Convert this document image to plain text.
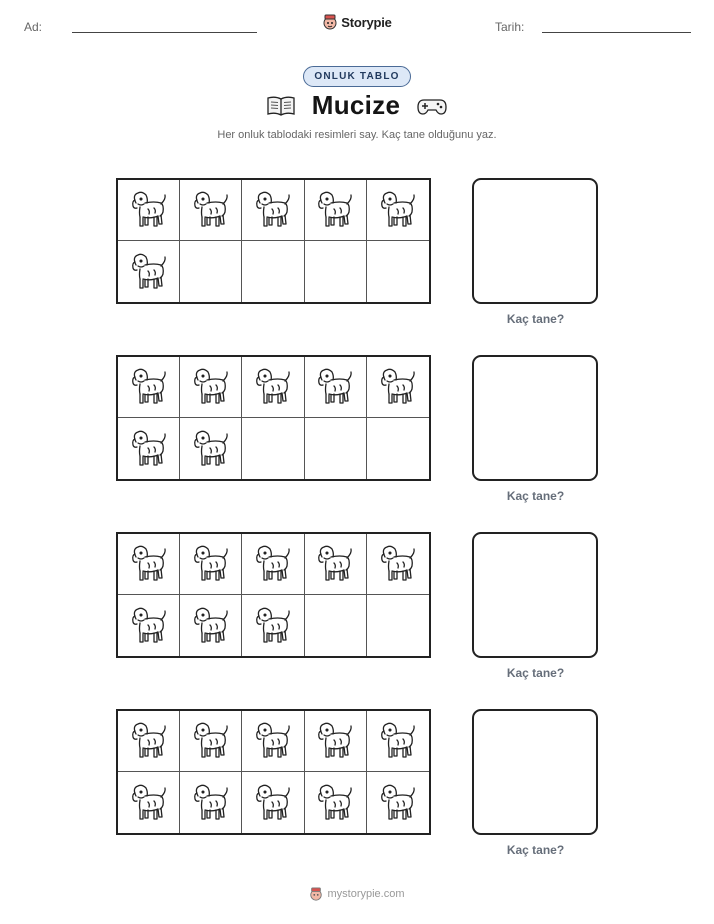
Ad:	Storypie	Tarih:
ONLUK TABLO
Mucize
Her onluk tablodaki resimleri say. Kaç tane olduğunu yaz.
Kaç tane?
Kaç tane?
Kaç tane?
Kaç tane?
mystorypie.com
